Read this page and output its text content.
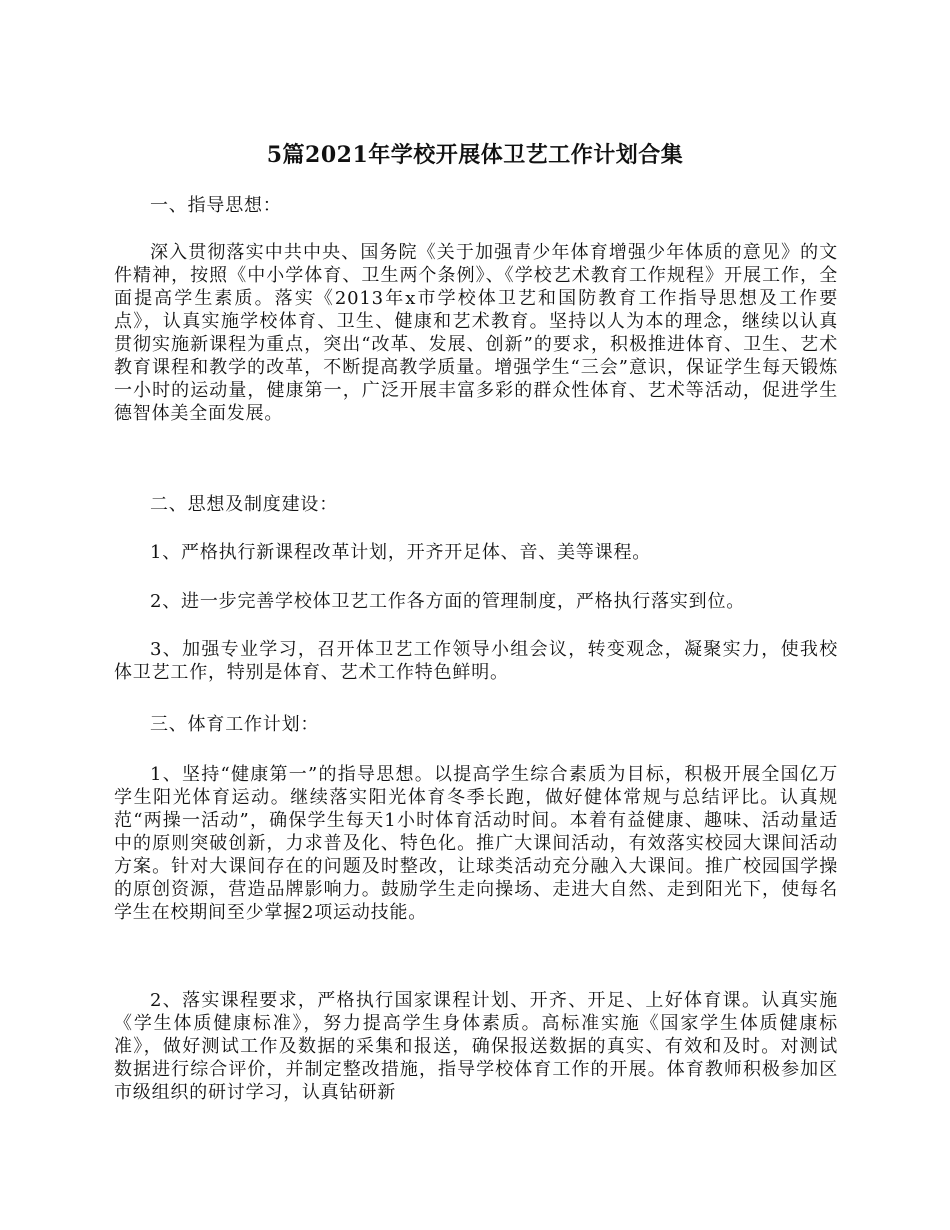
5篇2021年学校开展体卫艺工作计划合集
一、指导思想：
深入贯彻落实中共中央、国务院《关于加强青少年体育增强少年体质的意见》的文件精神，按照《中小学体育、卫生两个条例》、《学校艺术教育工作规程》开展工作，全面提高学生素质。落实《2013年x市学校体卫艺和国防教育工作指导思想及工作要点》，认真实施学校体育、卫生、健康和艺术教育。坚持以人为本的理念，继续以认真贯彻实施新课程为重点，突出“改革、发展、创新”的要求，积极推进体育、卫生、艺术教育课程和教学的改革，不断提高教学质量。增强学生“三会”意识，保证学生每天锻炼一小时的运动量，健康第一，广泛开展丰富多彩的群众性体育、艺术等活动，促进学生德智体美全面发展。
二、思想及制度建设：
1、严格执行新课程改革计划，开齐开足体、音、美等课程。
2、进一步完善学校体卫艺工作各方面的管理制度，严格执行落实到位。
3、加强专业学习，召开体卫艺工作领导小组会议，转变观念，凝聚实力，使我校体卫艺工作，特别是体育、艺术工作特色鲜明。
三、体育工作计划：
1、坚持“健康第一”的指导思想。以提高学生综合素质为目标，积极开展全国亿万学生阳光体育运动。继续落实阳光体育冬季长跑，做好健体常规与总结评比。认真规范“两操一活动”，确保学生每天1小时体育活动时间。本着有益健康、趣味、活动量适中的原则突破创新，力求普及化、特色化。推广大课间活动，有效落实校园大课间活动方案。针对大课间存在的问题及时整改，让球类活动充分融入大课间。推广校园国学操的原创资源，营造品牌影响力。鼓励学生走向操场、走进大自然、走到阳光下，使每名学生在校期间至少掌握2项运动技能。
2、落实课程要求，严格执行国家课程计划、开齐、开足、上好体育课。认真实施《学生体质健康标准》，努力提高学生身体素质。高标准实施《国家学生体质健康标准》，做好测试工作及数据的采集和报送，确保报送数据的真实、有效和及时。对测试数据进行综合评价，并制定整改措施，指导学校体育工作的开展。体育教师积极参加区市级组织的研讨学习，认真钻研新
